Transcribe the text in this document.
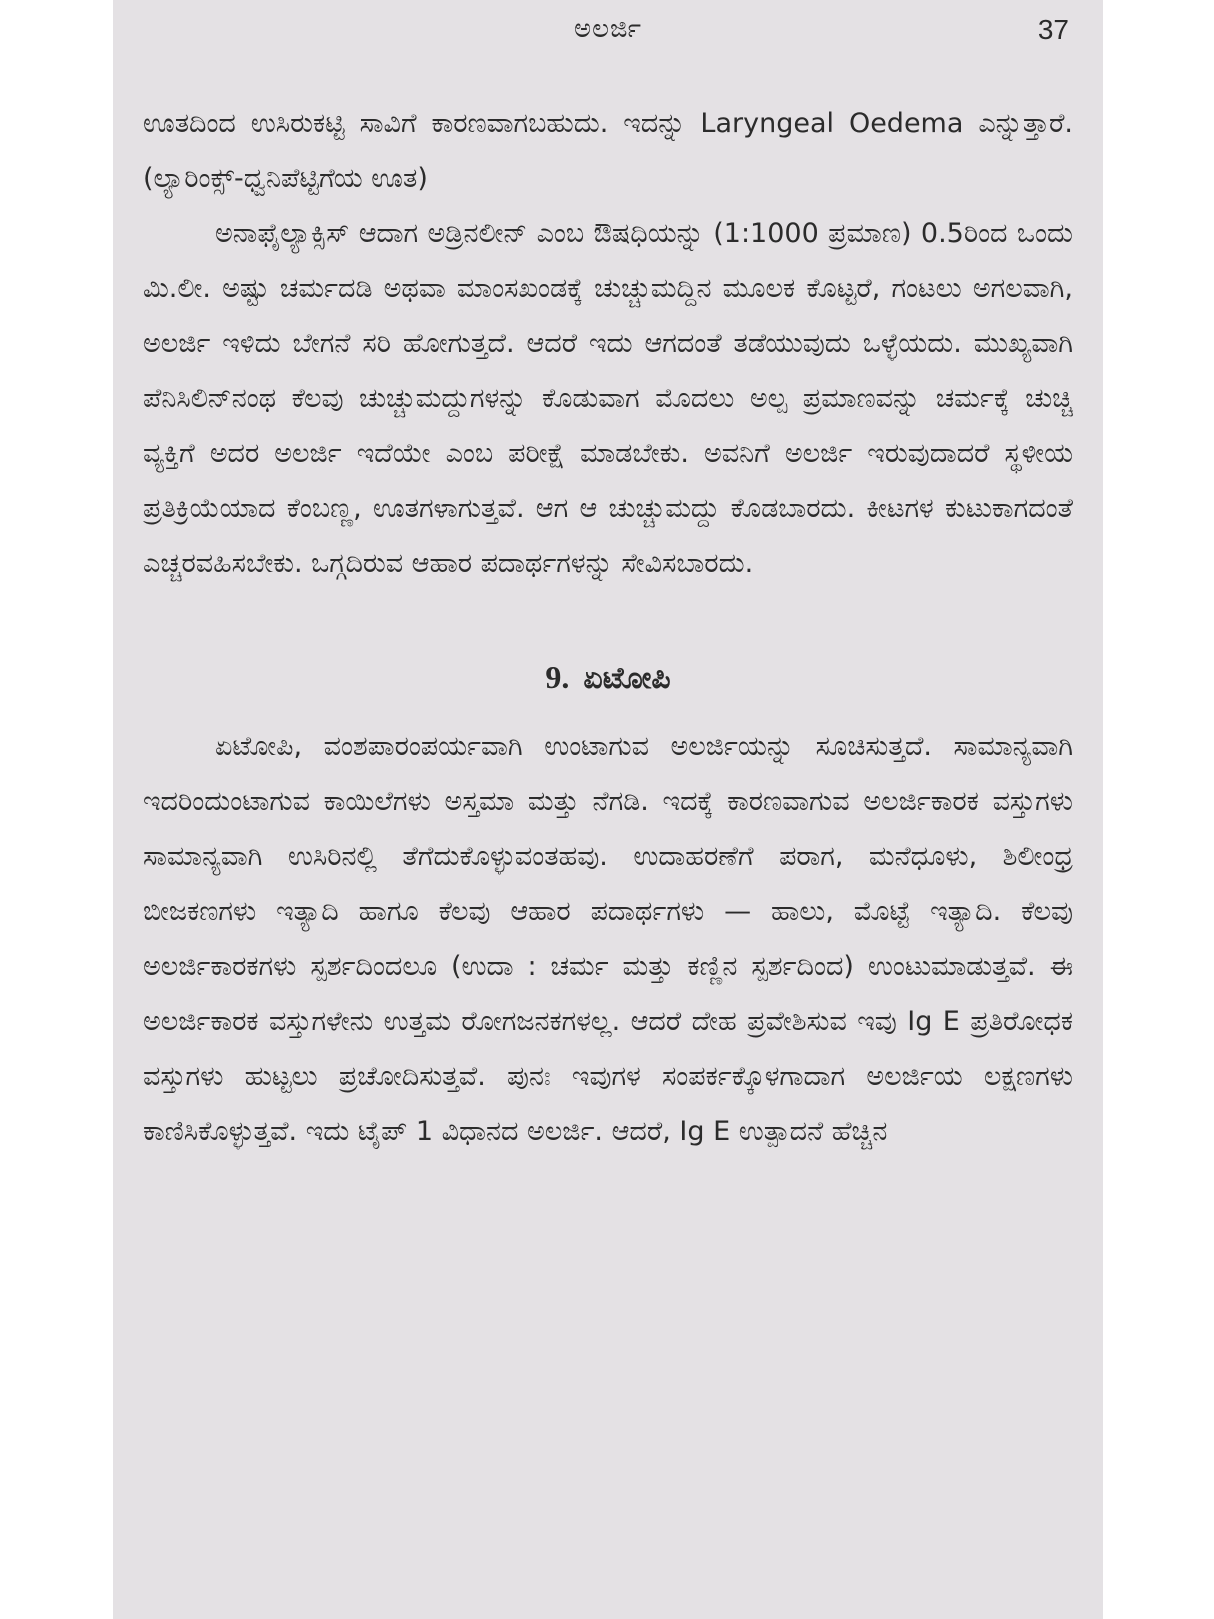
ಅಲರ್ಜಿ	37

ಊತದಿಂದ ಉಸಿರುಕಟ್ಟಿ ಸಾವಿಗೆ ಕಾರಣವಾಗಬಹುದು. ಇದನ್ನು Laryngeal Oedema ಎನ್ನುತ್ತಾರೆ. (ಲ್ಯಾರಿಂಕ್ಸ್-ಧ್ವನಿಪೆಟ್ಟಿಗೆಯ ಊತ)

ಅನಾಫೈಲ್ಯಾಕ್ಸಿಸ್ ಆದಾಗ ಅಡ್ರಿನಲೀನ್ ಎಂಬ ಔಷಧಿಯನ್ನು (1:1000 ಪ್ರಮಾಣ) 0.5ರಿಂದ ಒಂದು ಮಿ.ಲೀ. ಅಷ್ಟು ಚರ್ಮದಡಿ ಅಥವಾ ಮಾಂಸಖಂಡಕ್ಕೆ ಚುಚ್ಚುಮದ್ದಿನ ಮೂಲಕ ಕೊಟ್ಟರೆ, ಗಂಟಲು ಅಗಲವಾಗಿ, ಅಲರ್ಜಿ ಇಳಿದು ಬೇಗನೆ ಸರಿ ಹೋಗುತ್ತದೆ. ಆದರೆ ಇದು ಆಗದಂತೆ ತಡೆಯುವುದು ಒಳ್ಳೆಯದು. ಮುಖ್ಯವಾಗಿ ಪೆನಿಸಿಲಿನ್‌ನಂಥ ಕೆಲವು ಚುಚ್ಚುಮದ್ದುಗಳನ್ನು ಕೊಡುವಾಗ ಮೊದಲು ಅಲ್ಪ ಪ್ರಮಾಣವನ್ನು ಚರ್ಮಕ್ಕೆ ಚುಚ್ಚಿ ವ್ಯಕ್ತಿಗೆ ಅದರ ಅಲರ್ಜಿ ಇದೆಯೇ ಎಂಬ ಪರೀಕ್ಷೆ ಮಾಡಬೇಕು. ಅವನಿಗೆ ಅಲರ್ಜಿ ಇರುವುದಾದರೆ ಸ್ಥಳೀಯ ಪ್ರತಿಕ್ರಿಯೆಯಾದ ಕೆಂಬಣ್ಣ, ಊತಗಳಾಗುತ್ತವೆ. ಆಗ ಆ ಚುಚ್ಚುಮದ್ದು ಕೊಡಬಾರದು. ಕೀಟಗಳ ಕುಟುಕಾಗದಂತೆ ಎಚ್ಚರವಹಿಸಬೇಕು. ಒಗ್ಗದಿರುವ ಆಹಾರ ಪದಾರ್ಥಗಳನ್ನು ಸೇವಿಸಬಾರದು.

9. ಏಟೋಪಿ

ಏಟೋಪಿ, ವಂಶಪಾರಂಪರ್ಯವಾಗಿ ಉಂಟಾಗುವ ಅಲರ್ಜಿಯನ್ನು ಸೂಚಿಸುತ್ತದೆ. ಸಾಮಾನ್ಯವಾಗಿ ಇದರಿಂದುಂಟಾಗುವ ಕಾಯಿಲೆಗಳು ಅಸ್ತಮಾ ಮತ್ತು ನೆಗಡಿ. ಇದಕ್ಕೆ ಕಾರಣವಾಗುವ ಅಲರ್ಜಿಕಾರಕ ವಸ್ತುಗಳು ಸಾಮಾನ್ಯವಾಗಿ ಉಸಿರಿನಲ್ಲಿ ತೆಗೆದುಕೊಳ್ಳುವಂತಹವು. ಉದಾಹರಣೆಗೆ ಪರಾಗ, ಮನೆಧೂಳು, ಶಿಲೀಂಧ್ರ ಬೀಜಕಣಗಳು ಇತ್ಯಾದಿ ಹಾಗೂ ಕೆಲವು ಆಹಾರ ಪದಾರ್ಥಗಳು — ಹಾಲು, ಮೊಟ್ಟೆ ಇತ್ಯಾದಿ. ಕೆಲವು ಅಲರ್ಜಿಕಾರಕಗಳು ಸ್ಪರ್ಶದಿಂದಲೂ (ಉದಾ : ಚರ್ಮ ಮತ್ತು ಕಣ್ಣಿನ ಸ್ಪರ್ಶದಿಂದ) ಉಂಟುಮಾಡುತ್ತವೆ. ಈ ಅಲರ್ಜಿಕಾರಕ ವಸ್ತುಗಳೇನು ಉತ್ತಮ ರೋಗಜನಕಗಳಲ್ಲ. ಆದರೆ ದೇಹ ಪ್ರವೇಶಿಸುವ ಇವು Ig E ಪ್ರತಿರೋಧಕ ವಸ್ತುಗಳು ಹುಟ್ಟಲು ಪ್ರಚೋದಿಸುತ್ತವೆ. ಪುನಃ ಇವುಗಳ ಸಂಪರ್ಕಕ್ಕೊಳಗಾದಾಗ ಅಲರ್ಜಿಯ ಲಕ್ಷಣಗಳು ಕಾಣಿಸಿಕೊಳ್ಳುತ್ತವೆ. ಇದು ಟೈಪ್ 1 ವಿಧಾನದ ಅಲರ್ಜಿ. ಆದರೆ, Ig E ಉತ್ಪಾದನೆ ಹೆಚ್ಚಿನ
